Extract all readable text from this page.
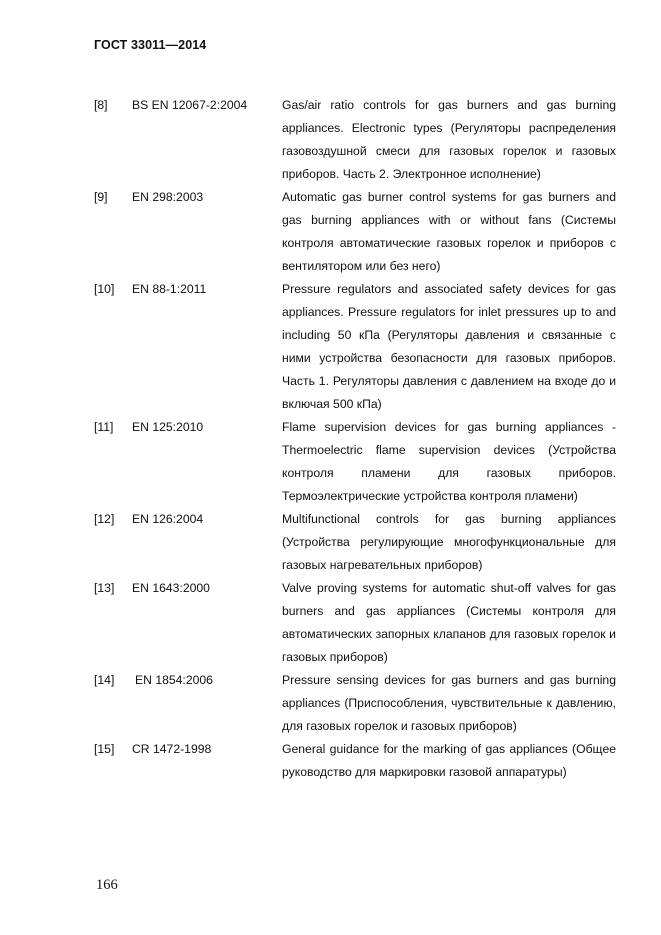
ГОСТ 33011—2014
[8]	BS EN 12067-2:2004	Gas/air ratio controls for gas burners and gas burning appliances. Electronic types (Регуляторы распределения газовоздушной смеси для газовых горелок и газовых приборов. Часть 2. Электронное исполнение)
[9]	EN 298:2003	Automatic gas burner control systems for gas burners and gas burning appliances with or without fans (Системы контроля автоматические газовых горелок и приборов с вентилятором или без него)
[10]	EN 88-1:2011	Pressure regulators and associated safety devices for gas appliances. Pressure regulators for inlet pressures up to and including 50 кПа (Регуляторы давления и связанные с ними устройства безопасности для газовых приборов. Часть 1. Регуляторы давления с давлением на входе до и включая 500 кПа)
[11]	EN 125:2010	Flame supervision devices for gas burning appliances - Thermoelectric flame supervision devices (Устройства контроля пламени для газовых приборов. Термоэлектрические устройства контроля пламени)
[12]	EN 126:2004	Multifunctional controls for gas burning appliances (Устройства регулирующие многофункциональные для газовых нагревательных приборов)
[13]	EN 1643:2000	Valve proving systems for automatic shut-off valves for gas burners and gas appliances (Системы контроля для автоматических запорных клапанов для газовых горелок и газовых приборов)
[14]	EN 1854:2006	Pressure sensing devices for gas burners and gas burning appliances (Приспособления, чувствительные к давлению, для газовых горелок и газовых приборов)
[15]	CR 1472-1998	General guidance for the marking of gas appliances (Общее руководство для маркировки газовой аппаратуры)
166
